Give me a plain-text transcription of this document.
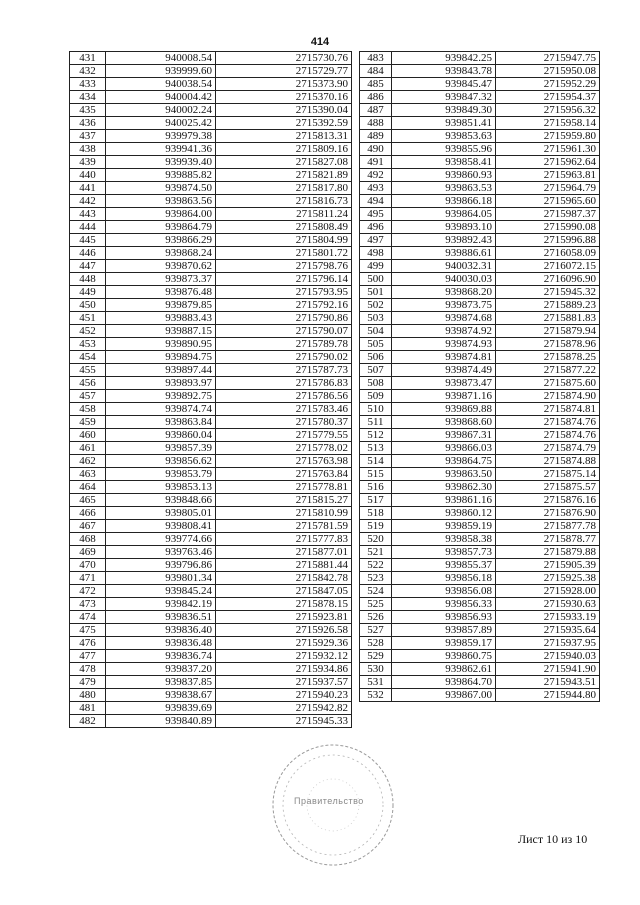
414
431	940008.54	2715730.76
432	939999.60	2715729.77
433	940038.54	2715373.90
434	940004.42	2715370.16
435	940002.24	2715390.04
436	940025.42	2715392.59
437	939979.38	2715813.31
438	939941.36	2715809.16
439	939939.40	2715827.08
440	939885.82	2715821.89
441	939874.50	2715817.80
442	939863.56	2715816.73
443	939864.00	2715811.24
444	939864.79	2715808.49
445	939866.29	2715804.99
446	939868.24	2715801.72
447	939870.62	2715798.76
448	939873.37	2715796.14
449	939876.48	2715793.95
450	939879.85	2715792.16
451	939883.43	2715790.86
452	939887.15	2715790.07
453	939890.95	2715789.78
454	939894.75	2715790.02
455	939897.44	2715787.73
456	939893.97	2715786.83
457	939892.75	2715786.56
458	939874.74	2715783.46
459	939863.84	2715780.37
460	939860.04	2715779.55
461	939857.39	2715778.02
462	939856.62	2715763.98
463	939853.79	2715763.84
464	939853.13	2715778.81
465	939848.66	2715815.27
466	939805.01	2715810.99
467	939808.41	2715781.59
468	939774.66	2715777.83
469	939763.46	2715877.01
470	939796.86	2715881.44
471	939801.34	2715842.78
472	939845.24	2715847.05
473	939842.19	2715878.15
474	939836.51	2715923.81
475	939836.40	2715926.58
476	939836.48	2715929.36
477	939836.74	2715932.12
478	939837.20	2715934.86
479	939837.85	2715937.57
480	939838.67	2715940.23
481	939839.69	2715942.82
482	939840.89	2715945.33
483	939842.25	2715947.75
484	939843.78	2715950.08
485	939845.47	2715952.29
486	939847.32	2715954.37
487	939849.30	2715956.32
488	939851.41	2715958.14
489	939853.63	2715959.80
490	939855.96	2715961.30
491	939858.41	2715962.64
492	939860.93	2715963.81
493	939863.53	2715964.79
494	939866.18	2715965.60
495	939864.05	2715987.37
496	939893.10	2715990.08
497	939892.43	2715996.88
498	939886.61	2716058.09
499	940032.31	2716072.15
500	940030.03	2716096.90
501	939868.20	2715945.32
502	939873.75	2715889.23
503	939874.68	2715881.83
504	939874.92	2715879.94
505	939874.93	2715878.96
506	939874.81	2715878.25
507	939874.49	2715877.22
508	939873.47	2715875.60
509	939871.16	2715874.90
510	939869.88	2715874.81
511	939868.60	2715874.76
512	939867.31	2715874.76
513	939866.03	2715874.79
514	939864.75	2715874.88
515	939863.50	2715875.14
516	939862.30	2715875.57
517	939861.16	2715876.16
518	939860.12	2715876.90
519	939859.19	2715877.78
520	939858.38	2715878.77
521	939857.73	2715879.88
522	939855.37	2715905.39
523	939856.18	2715925.38
524	939856.08	2715928.00
525	939856.33	2715930.63
526	939856.93	2715933.19
527	939857.89	2715935.64
528	939859.17	2715937.95
529	939860.75	2715940.03
530	939862.61	2715941.90
531	939864.70	2715943.51
532	939867.00	2715944.80
Правительство
Лист 10 из 10
